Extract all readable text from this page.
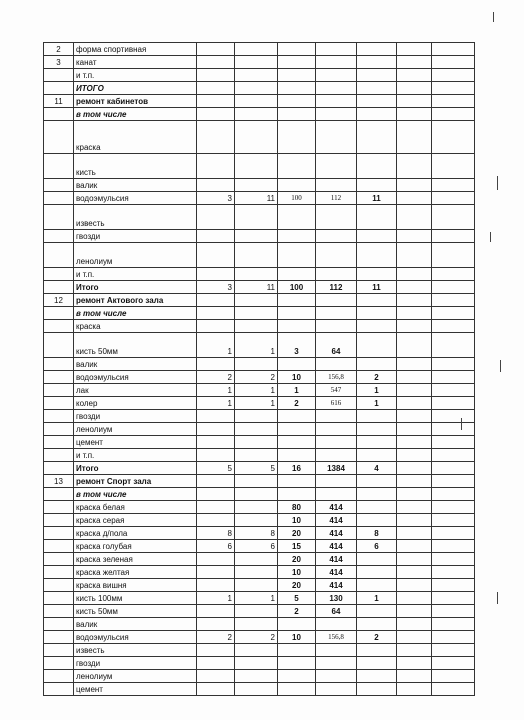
2	форма спортивная							
3	канат							
	и т.п.							
	ИТОГО							
11	ремонт кабинетов							
	в том числе							
	краска							
	кисть							
	валик							
	водоэмульсия	3	11	100	112	11		
	известь							
	гвозди							
	ленолиум							
	и т.п.							
	Итого	3	11	100	112	11		
12	ремонт Актового зала							
	в том числе							
	краска							
	кисть 50мм	1	1	3	64			
	валик							
	водоэмульсия	2	2	10	156,8	2		
	лак	1	1	1	547	1		
	колер	1	1	2	616	1		
	гвозди							
	ленолиум							
	цемент							
	и т.п.							
	Итого	5	5	16	1384	4		
13	ремонт Спорт зала							
	в том числе							
	краска белая			80	414			
	краска серая			10	414			
	краска д/пола	8	8	20	414	8		
	краска голубая	6	6	15	414	6		
	краска зеленая			20	414			
	краска желтая			10	414			
	краска вишня			20	414			
	кисть 100мм	1	1	5	130	1		
	кисть 50мм			2	64			
	валик							
	водоэмульсия	2	2	10	156,8	2		
	известь							
	гвозди							
	ленолиум							
	цемент							
